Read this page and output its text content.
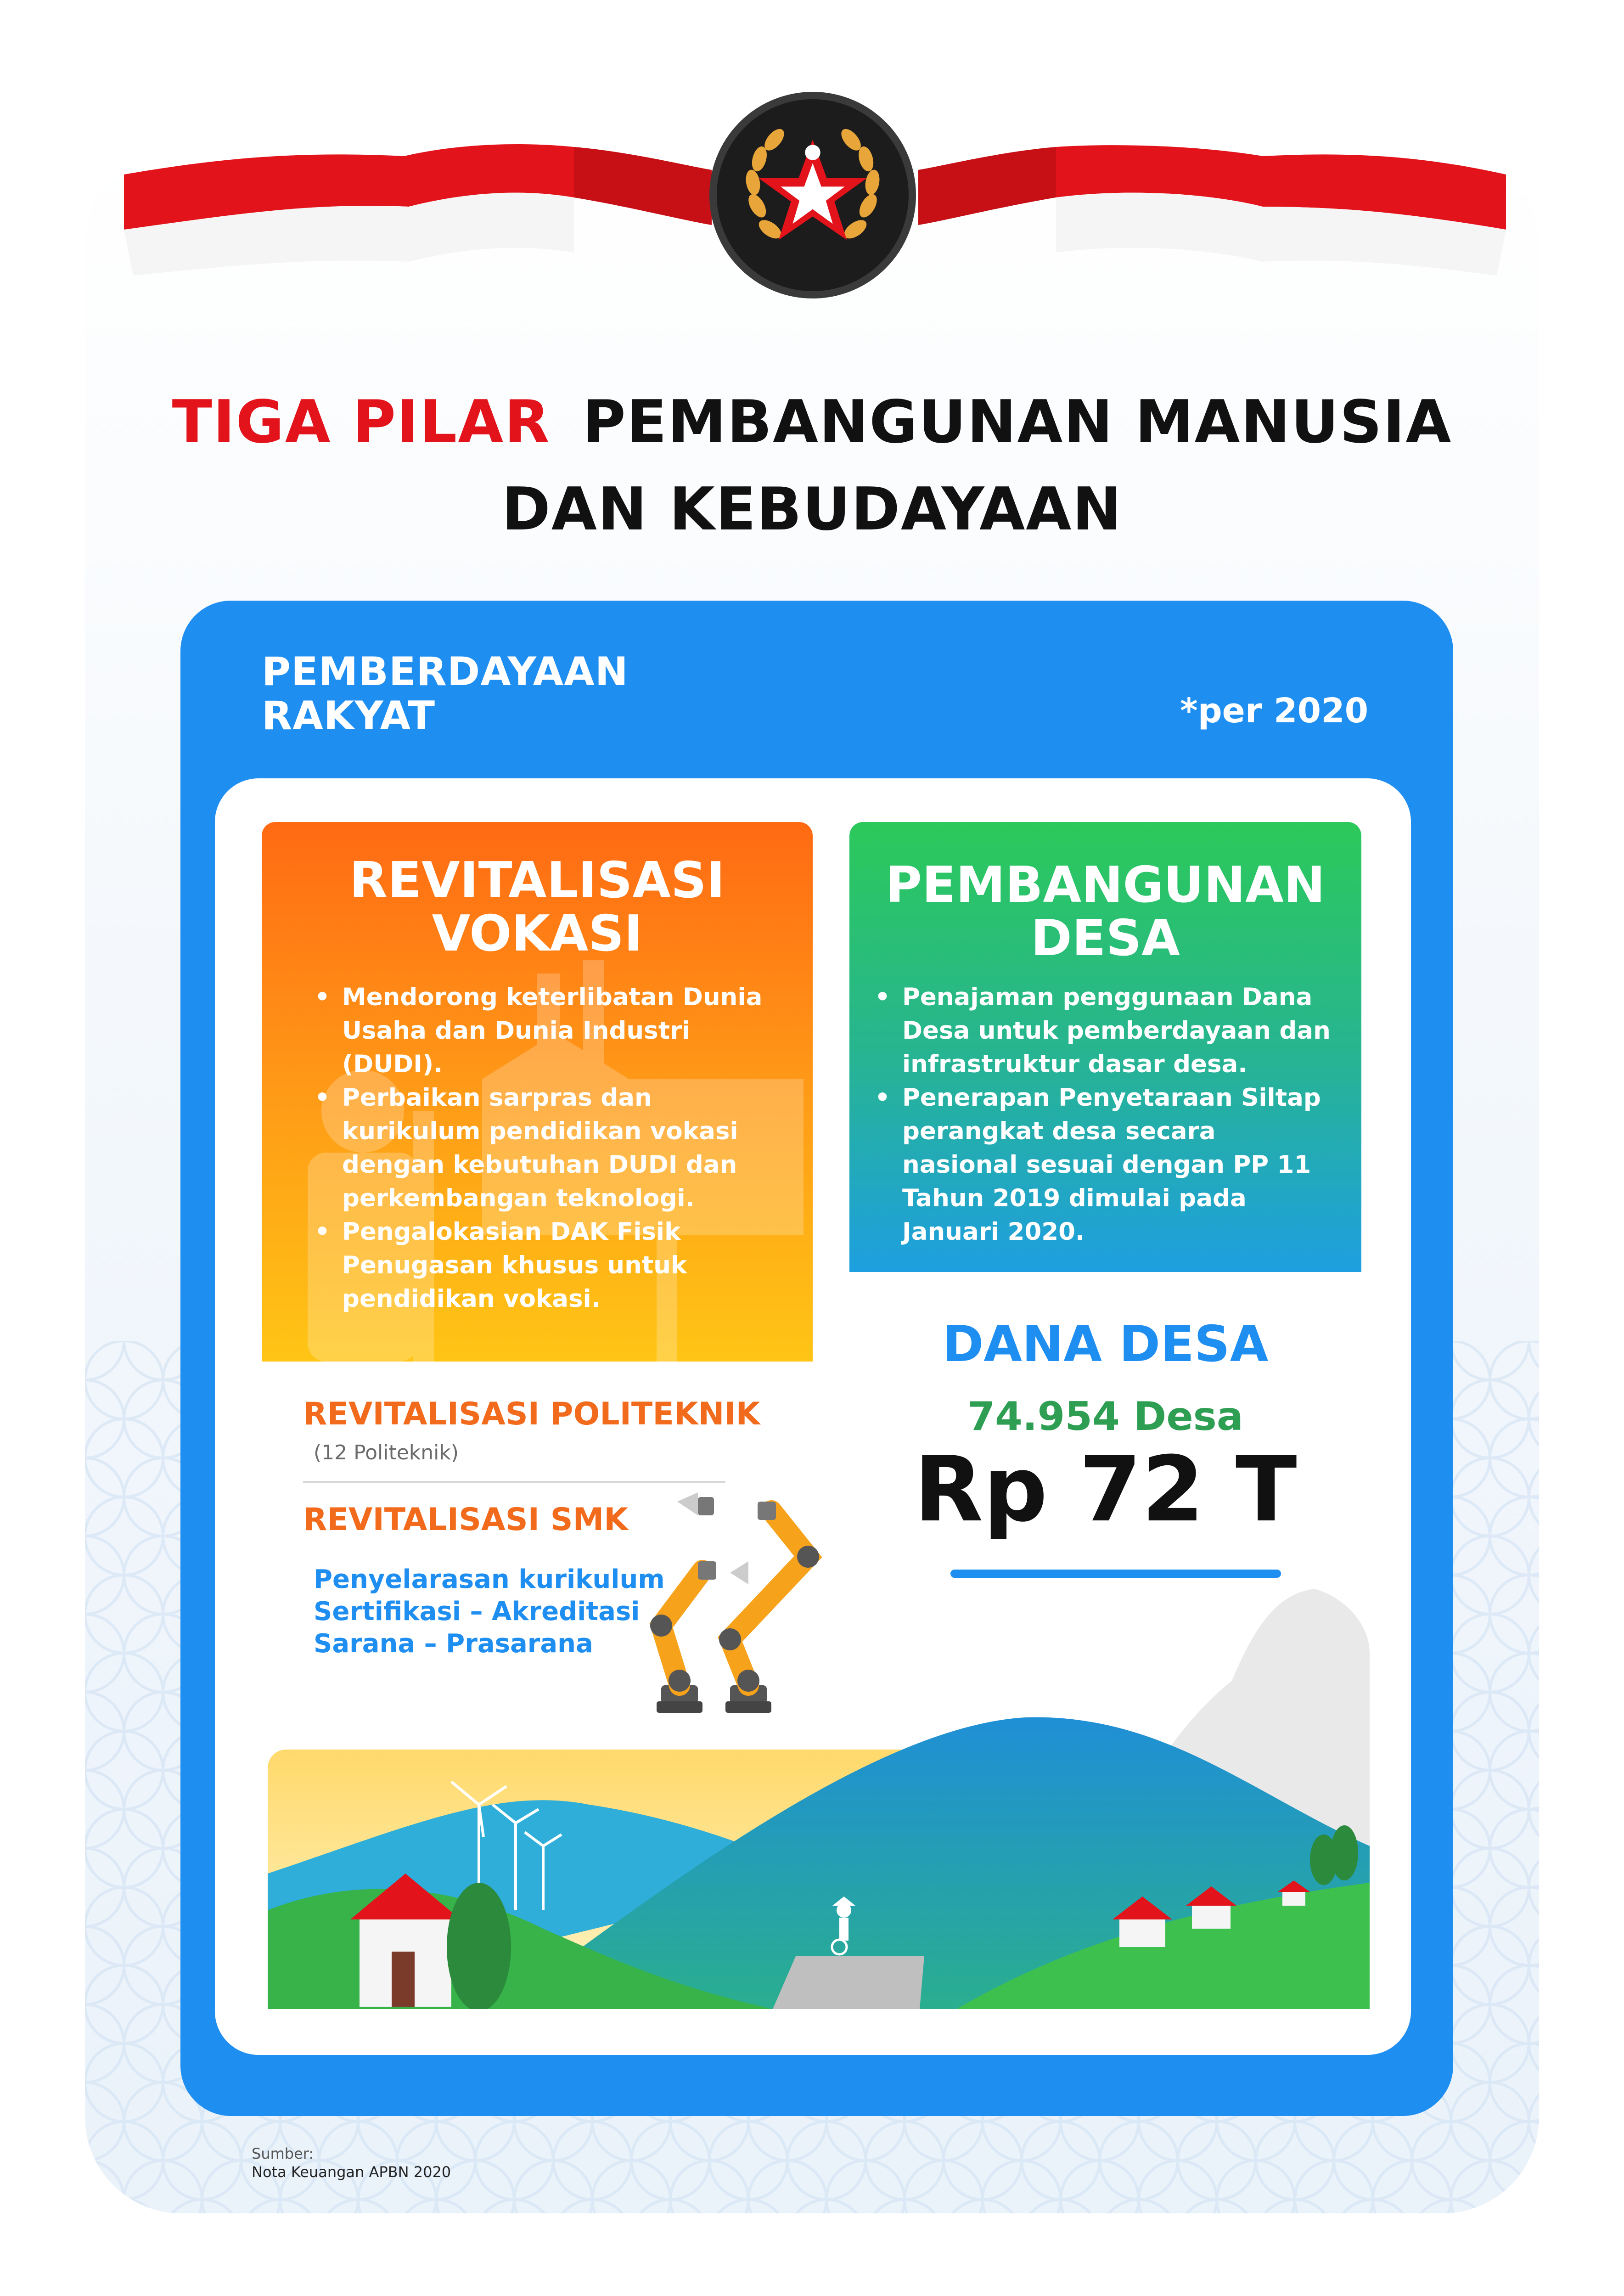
TIGA PILAR PEMBANGUNAN MANUSIA
DAN KEBUDAYAAN
PEMBERDAYAAN
RAKYAT	*per 2020
REVITALISASI
VOKASI
• Mendorong keterlibatan Dunia Usaha dan Dunia Industri (DUDI).
• Perbaikan sarpras dan kurikulum pendidikan vokasi dengan kebutuhan DUDI dan perkembangan teknologi.
• Pengalokasian DAK Fisik Penugasan khusus untuk pendidikan vokasi.
PEMBANGUNAN
DESA
• Penajaman penggunaan Dana Desa untuk pemberdayaan dan infrastruktur dasar desa.
• Penerapan Penyetaraan Siltap perangkat desa secara nasional sesuai dengan PP 11 Tahun 2019 dimulai pada Januari 2020.
REVITALISASI POLITEKNIK
(12 Politeknik)
REVITALISASI SMK
Penyelarasan kurikulum
Sertifikasi – Akreditasi
Sarana – Prasarana
DANA DESA
74.954 Desa
Rp 72 T
Sumber:
Nota Keuangan APBN 2020
